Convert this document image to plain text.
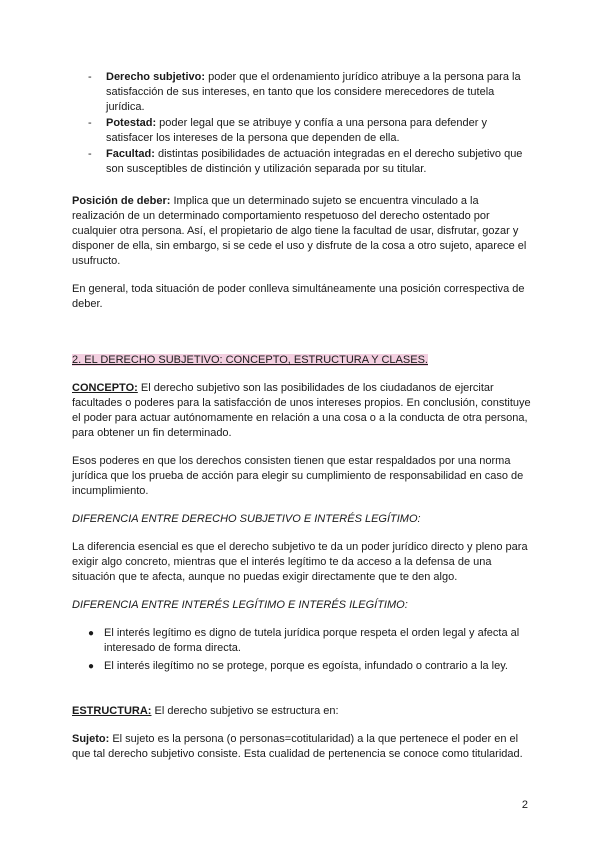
- Derecho subjetivo: poder que el ordenamiento jurídico atribuye a la persona para la satisfacción de sus intereses, en tanto que los considere merecedores de tutela jurídica.
- Potestad: poder legal que se atribuye y confía a una persona para defender y satisfacer los intereses de la persona que dependen de ella.
- Facultad: distintas posibilidades de actuación integradas en el derecho subjetivo que son susceptibles de distinción y utilización separada por su titular.

Posición de deber: Implica que un determinado sujeto se encuentra vinculado a la realización de un determinado comportamiento respetuoso del derecho ostentado por cualquier otra persona. Así, el propietario de algo tiene la facultad de usar, disfrutar, gozar y disponer de ella, sin embargo, si se cede el uso y disfrute de la cosa a otro sujeto, aparece el usufructo.

En general, toda situación de poder conlleva simultáneamente una posición correspectiva de deber.

2. EL DERECHO SUBJETIVO: CONCEPTO, ESTRUCTURA Y CLASES.

CONCEPTO: El derecho subjetivo son las posibilidades de los ciudadanos de ejercitar facultades o poderes para la satisfacción de unos intereses propios. En conclusión, constituye el poder para actuar autónomamente en relación a una cosa o a la conducta de otra persona, para obtener un fin determinado.

Esos poderes en que los derechos consisten tienen que estar respaldados por una norma jurídica que los prueba de acción para elegir su cumplimiento de responsabilidad en caso de incumplimiento.

DIFERENCIA ENTRE DERECHO SUBJETIVO E INTERÉS LEGÍTIMO:

La diferencia esencial es que el derecho subjetivo te da un poder jurídico directo y pleno para exigir algo concreto, mientras que el interés legítimo te da acceso a la defensa de una situación que te afecta, aunque no puedas exigir directamente que te den algo.

DIFERENCIA ENTRE INTERÉS LEGÍTIMO E INTERÉS ILEGÍTIMO:

● El interés legítimo es digno de tutela jurídica porque respeta el orden legal y afecta al interesado de forma directa.
● El interés ilegítimo no se protege, porque es egoísta, infundado o contrario a la ley.

ESTRUCTURA: El derecho subjetivo se estructura en:

Sujeto: El sujeto es la persona (o personas=cotitularidad) a la que pertenece el poder en el que tal derecho subjetivo consiste. Esta cualidad de pertenencia se conoce como titularidad.

2
